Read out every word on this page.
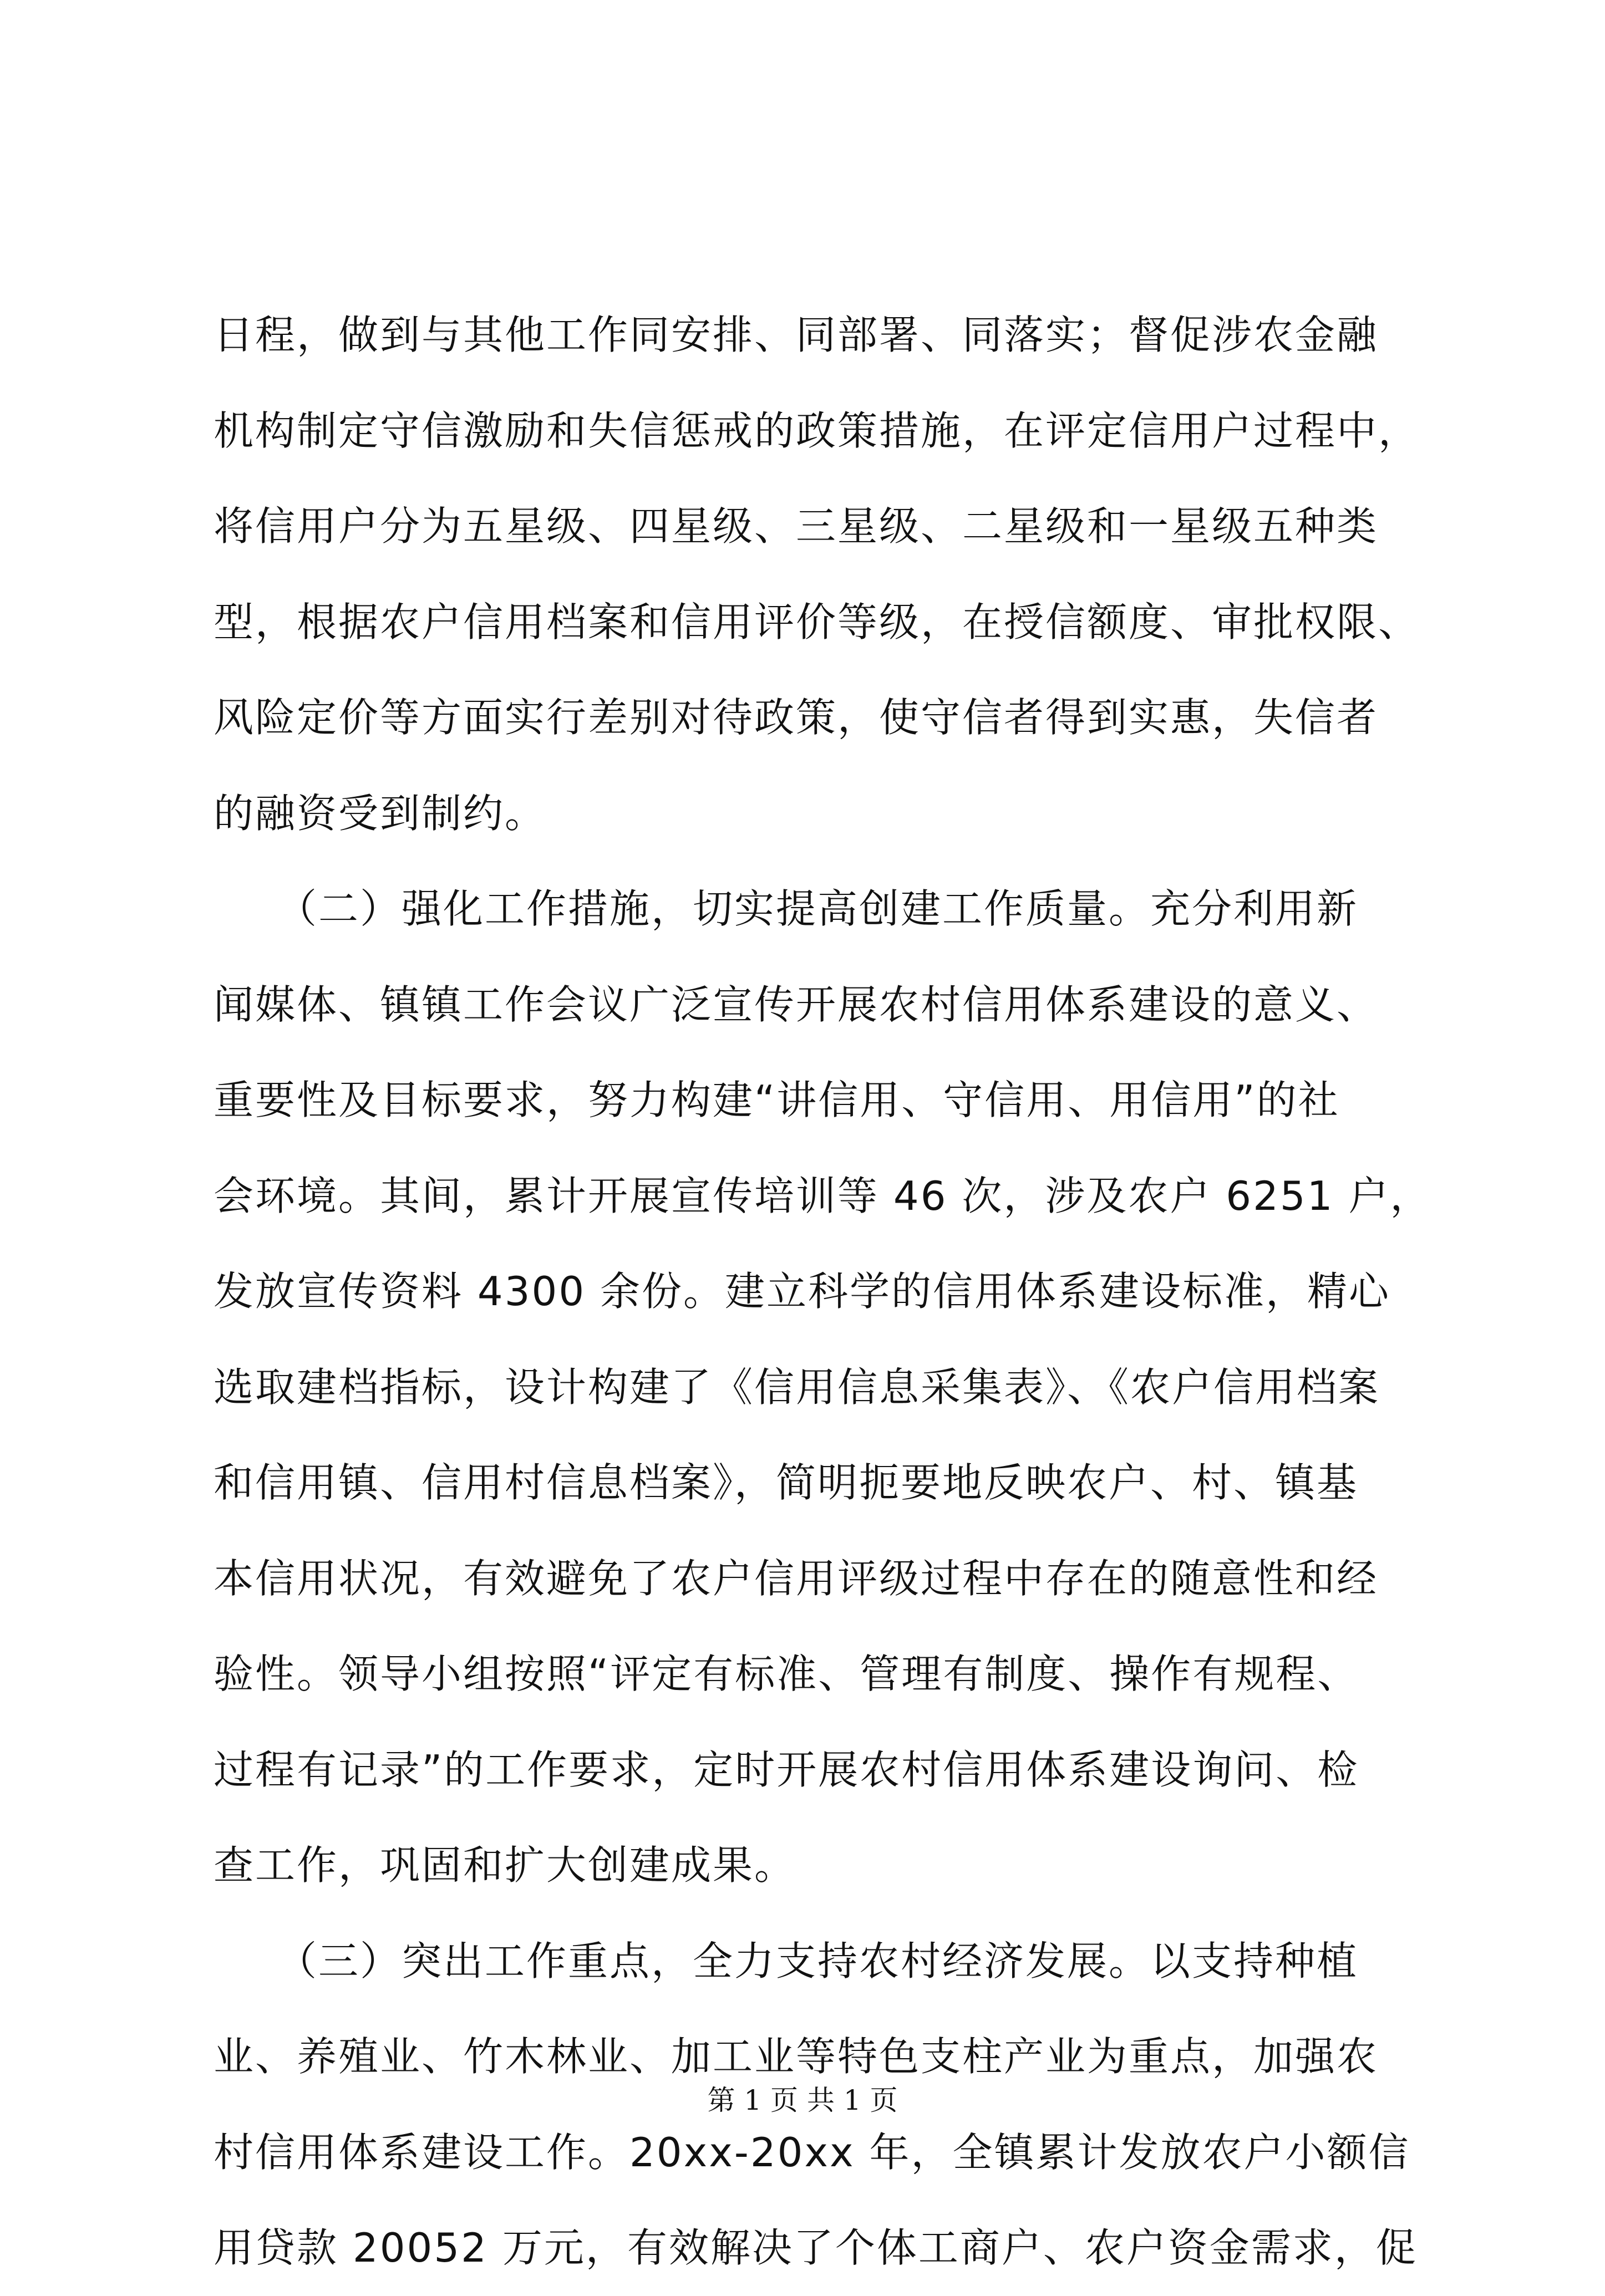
日程，做到与其他工作同安排、同部署、同落实；督促涉农金融
机构制定守信激励和失信惩戒的政策措施，在评定信用户过程中，
将信用户分为五星级、四星级、三星级、二星级和一星级五种类
型，根据农户信用档案和信用评价等级，在授信额度、审批权限、
风险定价等方面实行差别对待政策，使守信者得到实惠，失信者
的融资受到制约。
　　（二）强化工作措施，切实提高创建工作质量。充分利用新
闻媒体、镇镇工作会议广泛宣传开展农村信用体系建设的意义、
重要性及目标要求，努力构建“讲信用、守信用、用信用”的社
会环境。其间，累计开展宣传培训等 46 次，涉及农户 6251 户，
发放宣传资料 4300 余份。建立科学的信用体系建设标准，精心
选取建档指标，设计构建了《信用信息采集表》、《农户信用档案
和信用镇、信用村信息档案》，简明扼要地反映农户、村、镇基
本信用状况，有效避免了农户信用评级过程中存在的随意性和经
验性。领导小组按照“评定有标准、管理有制度、操作有规程、
过程有记录”的工作要求，定时开展农村信用体系建设询问、检
查工作，巩固和扩大创建成果。
　　（三）突出工作重点，全力支持农村经济发展。以支持种植
业、养殖业、竹木林业、加工业等特色支柱产业为重点，加强农
村信用体系建设工作。20xx-20xx 年，全镇累计发放农户小额信
用贷款 20052 万元，有效解决了个体工商户、农户资金需求，促
第 1 页 共 1 页
